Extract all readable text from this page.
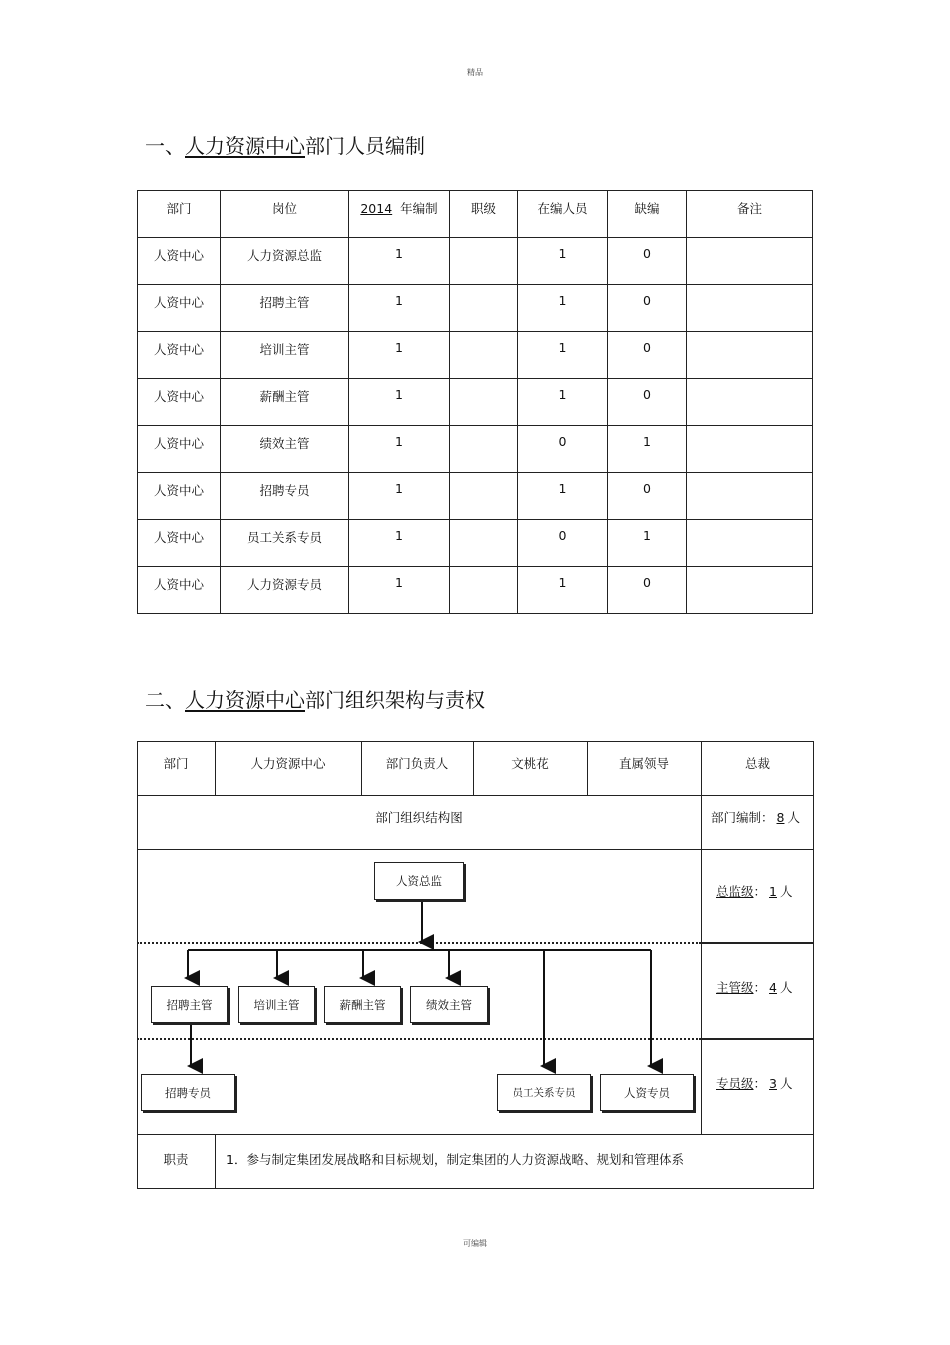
精品
可编辑
一、人力资源中心部门人员编制
部门	岗位	2014 年编制	职级	在编人员	缺编	备注
人资中心	人力资源总监	1		1	0	
人资中心	招聘主管	1		1	0	
人资中心	培训主管	1		1	0	
人资中心	薪酬主管	1		1	0	
人资中心	绩效主管	1		0	1	
人资中心	招聘专员	1		1	0	
人资中心	员工关系专员	1		0	1	
人资中心	人力资源专员	1		1	0	
二、人力资源中心部门组织架构与责权
部门	人力资源中心	部门负责人	文桃花	直属领导	总裁
部门组织结构图	部门编制： 8 人
总监级： 1 人
主管级： 4 人
专员级： 3 人
人资总监
招聘主管	培训主管	薪酬主管	绩效主管
招聘专员	员工关系专员	人资专员
职责	1．参与制定集团发展战略和目标规划，制定集团的人力资源战略、规划和管理体系
